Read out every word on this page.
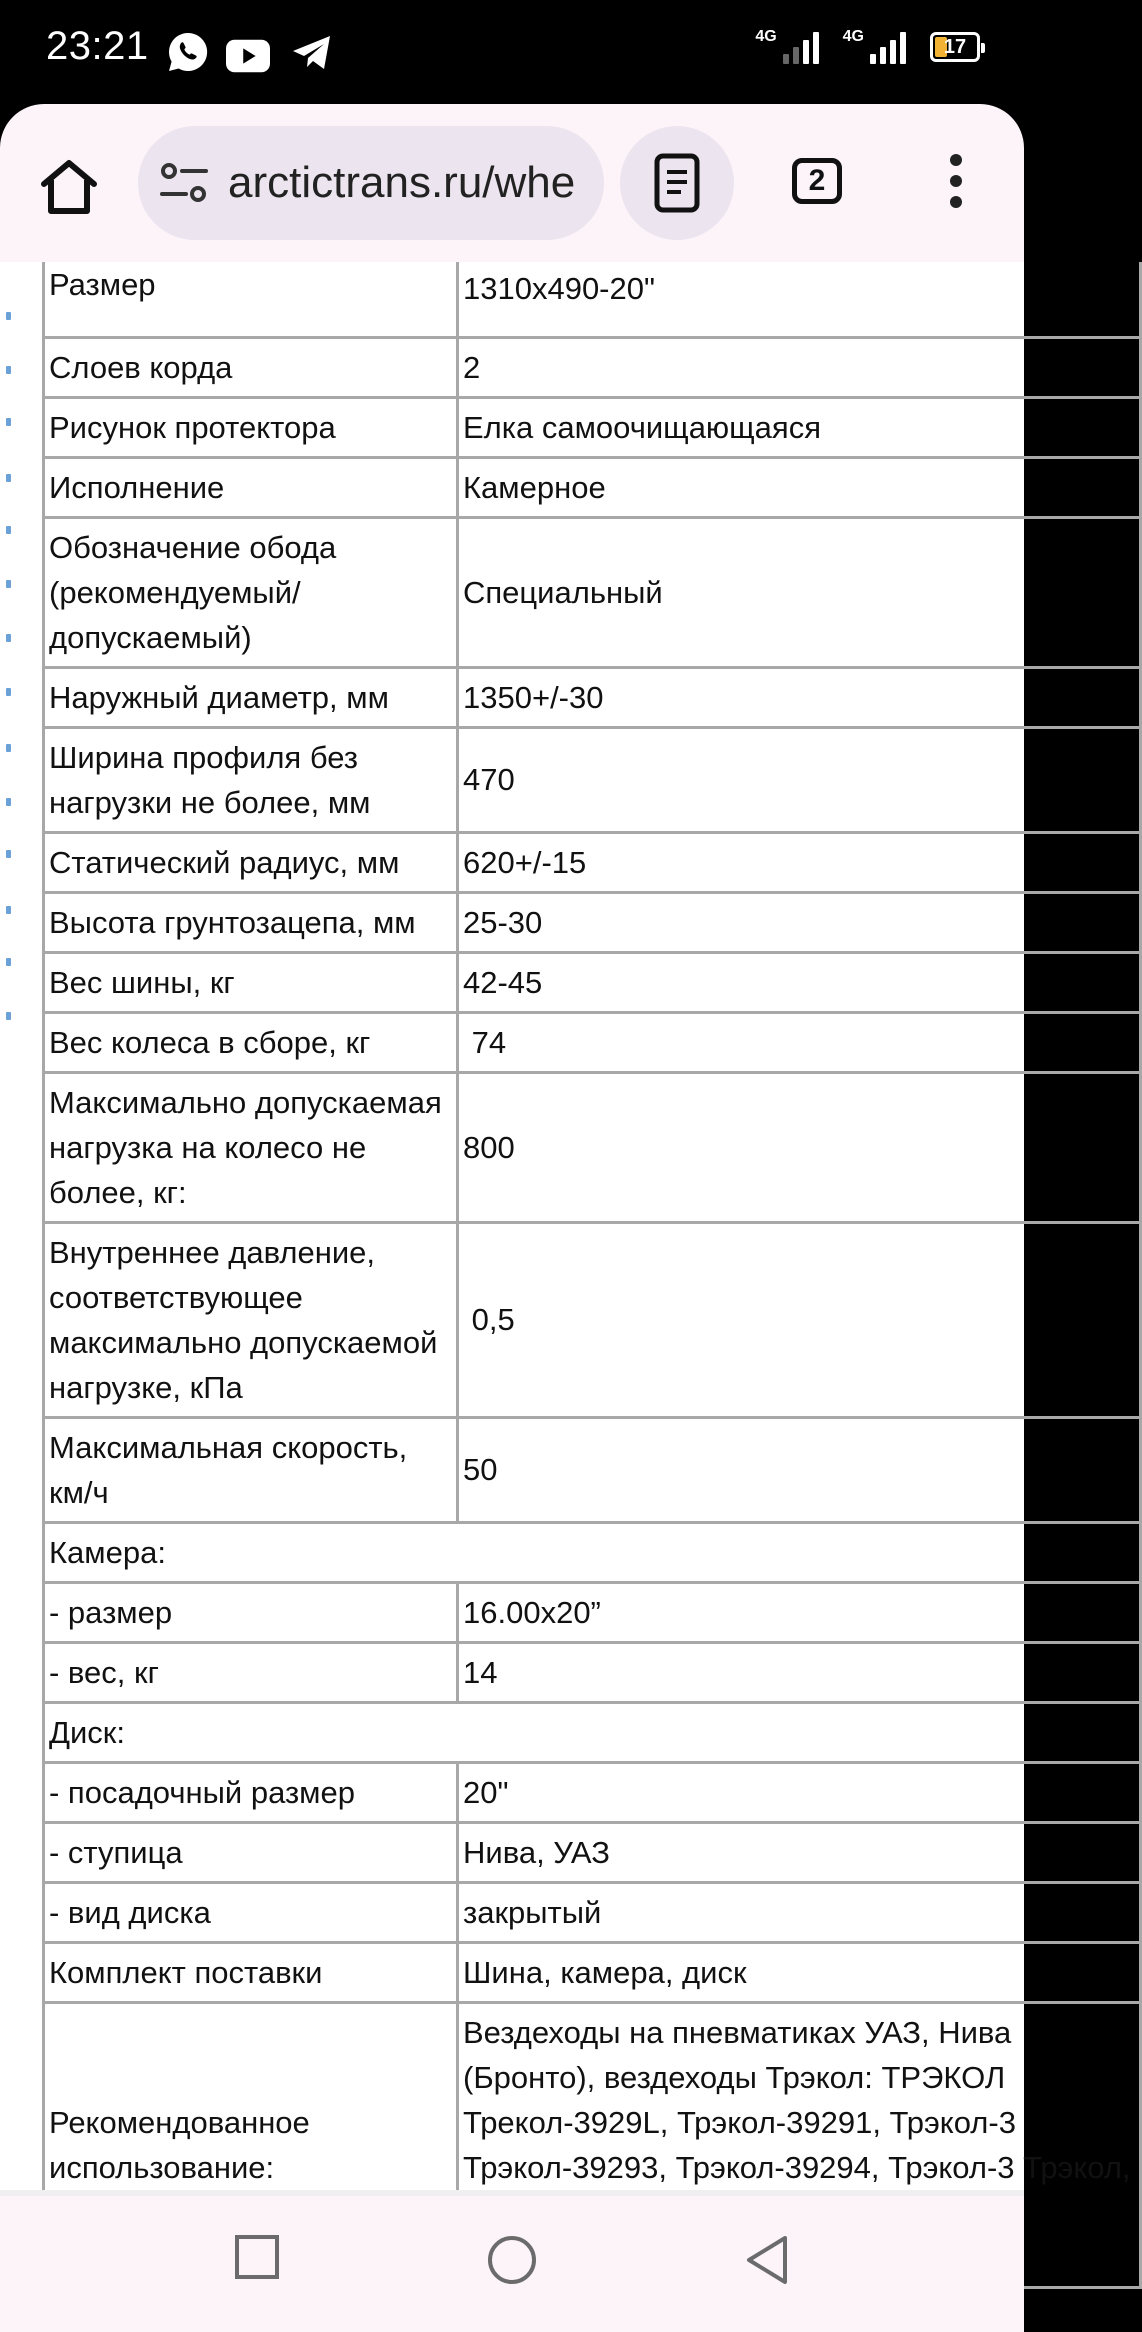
23:21	4G	4G	17
arctictrans.ru/whe	2
Размер	1310x490-20"
Слоев корда	2
Рисунок протектора	Елка самоочищающаяся
Исполнение	Камерное
Обозначение обода (рекомендуемый/ допускаемый)	Специальный
Наружный диаметр, мм	1350+/-30
Ширина профиля без нагрузки не более, мм	470
Статический радиус, мм	620+/-15
Высота грунтозацепа, мм	25-30
Вес шины, кг	42-45
Вес колеса в сборе, кг	74
Максимально допускаемая нагрузка на колесо не более, кг:	800
Внутреннее давление, соответствующее максимально допускаемой нагрузке, кПа	0,5
Максимальная скорость, км/ч	50
Камера:	
- размер	16.00x20”
- вес, кг	14
Диск:	
- посадочный размер	20"
- ступица	Нива, УАЗ
- вид диска	закрытый
Комплект поставки	Шина, камера, диск
Рекомендованное использование:	Вездеходы на пневматиках УАЗ, Нива (Бронто), вездеходы Трэкол: ТРЭКОЛ Трекол-3929L, Трэкол-39291, Трэкол-3 Трэкол-39293, Трэкол-39294, Трэкол-3 Трэкол,
